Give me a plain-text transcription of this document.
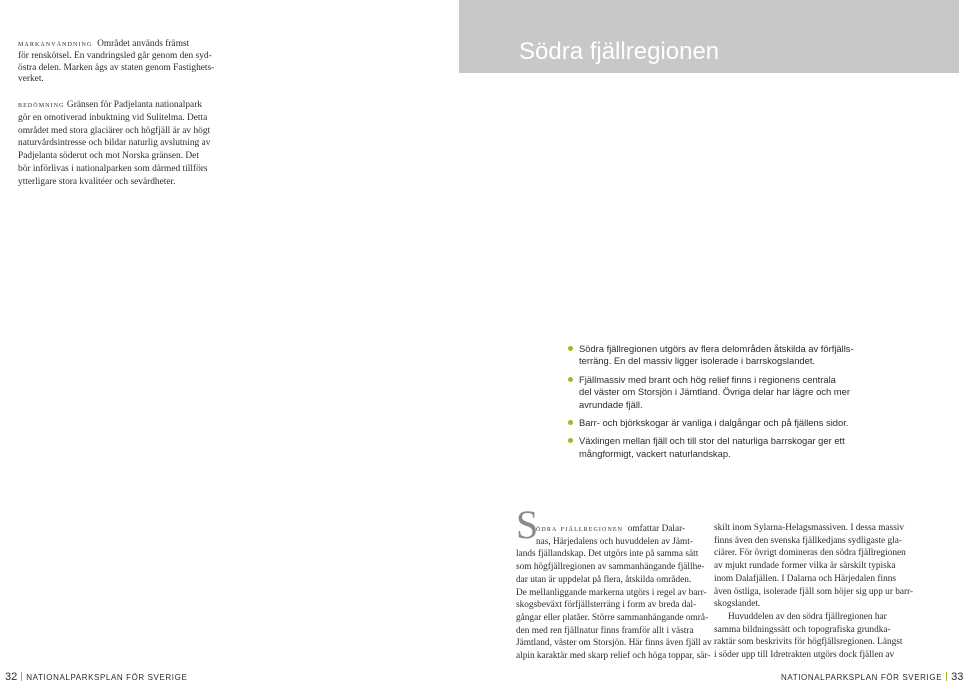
markanvändning Området används främst
för renskötsel. En vandringsled går genom den syd-
östra delen. Marken ägs av staten genom Fastighets-
verket.
bedömning Gränsen för Padjelanta nationalpark
gör en omotiverad inbuktning vid Sulitelma. Detta
området med stora glaciärer och högfjäll är av högt
naturvårdsintresse och bildar naturlig avslutning av
Padjelanta söderut och mot Norska gränsen. Det
bör införlivas i nationalparken som därmed tillförs
ytterligare stora kvalitéer och sevärdheter.
32 NATIONALPARKSPLAN FÖR SVERIGE
Södra fjällregionen
Södra fjällregionen utgörs av flera delområden åtskilda av förfjälls-
terräng. En del massiv ligger isolerade i barrskogslandet.
Fjällmassiv med brant och hög relief finns i regionens centrala
del väster om Storsjön i Jämtland. Övriga delar har lägre och mer
avrundade fjäll.
Barr- och björkskogar är vanliga i dalgångar och på fjällens sidor.
Växlingen mellan fjäll och till stor del naturliga barrskogar ger ett
mångformigt, vackert naturlandskap.
S
ödra fjällregionen omfattar Dalar-
nas, Härjedalens och huvuddelen av Jämt-
lands fjällandskap. Det utgörs inte på samma sätt
som högfjällregionen av sammanhängande fjällhe-
dar utan är uppdelat på flera, åtskilda områden.
De mellanliggande markerna utgörs i regel av barr-
skogsbeväxt förfjällsterräng i form av breda dal-
gångar eller platåer. Större sammanhängande områ-
den med ren fjällnatur finns framför allt i västra
Jämtland, väster om Storsjön. Här finns även fjäll av
alpin karaktär med skarp relief och höga toppar, sär-
skilt inom Sylarna-Helagsmassiven. I dessa massiv
finns även den svenska fjällkedjans sydligaste gla-
ciärer. För övrigt domineras den södra fjällregionen
av mjukt rundade former vilka är särskilt typiska
inom Dalafjällen. I Dalarna och Härjedalen finns
även östliga, isolerade fjäll som höjer sig upp ur barr-
skogslandet.
Huvuddelen av den södra fjällregionen har
samma bildningssätt och topografiska grundka-
raktär som beskrivits för högfjällsregionen. Längst
i söder upp till Idretrakten utgörs dock fjällen av
NATIONALPARKSPLAN FÖR SVERIGE 33
